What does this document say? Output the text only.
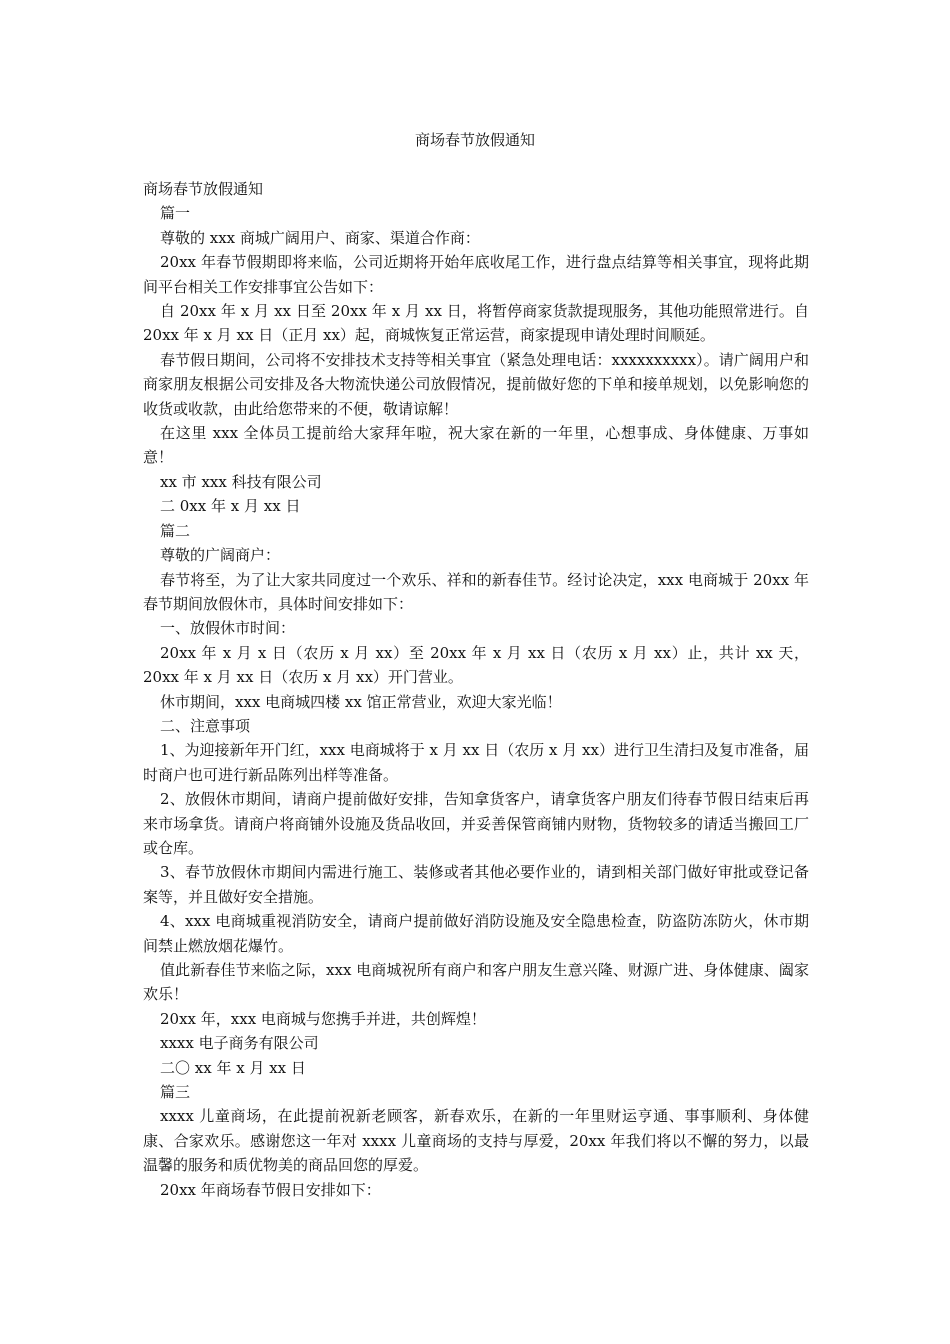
商场春节放假通知

商场春节放假通知

篇一

尊敬的 xxx 商城广阔用户、商家、渠道合作商：

20xx 年春节假期即将来临，公司近期将开始年底收尾工作，进行盘点结算等相关事宜，现将此期间平台相关工作安排事宜公告如下：

自 20xx 年 x 月 xx 日至 20xx 年 x 月 xx 日，将暂停商家货款提现服务，其他功能照常进行。自 20xx 年 x 月 xx 日（正月 xx）起，商城恢复正常运营，商家提现申请处理时间顺延。

春节假日期间，公司将不安排技术支持等相关事宜（紧急处理电话：xxxxxxxxxx）。请广阔用户和商家朋友根据公司安排及各大物流快递公司放假情况，提前做好您的下单和接单规划，以免影响您的收货或收款，由此给您带来的不便，敬请谅解！

在这里 xxx 全体员工提前给大家拜年啦，祝大家在新的一年里，心想事成、身体健康、万事如意！

xx 市 xxx 科技有限公司

二 0xx 年 x 月 xx 日

篇二

尊敬的广阔商户：

春节将至，为了让大家共同度过一个欢乐、祥和的新春佳节。经讨论决定，xxx 电商城于 20xx 年春节期间放假休市，具体时间安排如下：

一、放假休市时间：

20xx 年 x 月 x 日（农历 x 月 xx）至 20xx 年 x 月 xx 日（农历 x 月 xx）止，共计 xx 天，20xx 年 x 月 xx 日（农历 x 月 xx）开门营业。

休市期间，xxx 电商城四楼 xx 馆正常营业，欢迎大家光临！

二、注意事项

1、为迎接新年开门红，xxx 电商城将于 x 月 xx 日（农历 x 月 xx）进行卫生清扫及复市准备，届时商户也可进行新品陈列出样等准备。

2、放假休市期间，请商户提前做好安排，告知拿货客户，请拿货客户朋友们待春节假日结束后再来市场拿货。请商户将商铺外设施及货品收回，并妥善保管商铺内财物，货物较多的请适当搬回工厂或仓库。

3、春节放假休市期间内需进行施工、装修或者其他必要作业的，请到相关部门做好审批或登记备案等，并且做好安全措施。

4、xxx 电商城重视消防安全，请商户提前做好消防设施及安全隐患检查，防盗防冻防火，休市期间禁止燃放烟花爆竹。

值此新春佳节来临之际，xxx 电商城祝所有商户和客户朋友生意兴隆、财源广进、身体健康、阖家欢乐！

20xx 年，xxx 电商城与您携手并进，共创辉煌！

xxxx 电子商务有限公司

二〇 xx 年 x 月 xx 日

篇三

xxxx 儿童商场，在此提前祝新老顾客，新春欢乐，在新的一年里财运亨通、事事顺利、身体健康、合家欢乐。感谢您这一年对 xxxx 儿童商场的支持与厚爱，20xx 年我们将以不懈的努力，以最温馨的服务和质优物美的商品回您的厚爱。

20xx 年商场春节假日安排如下：
